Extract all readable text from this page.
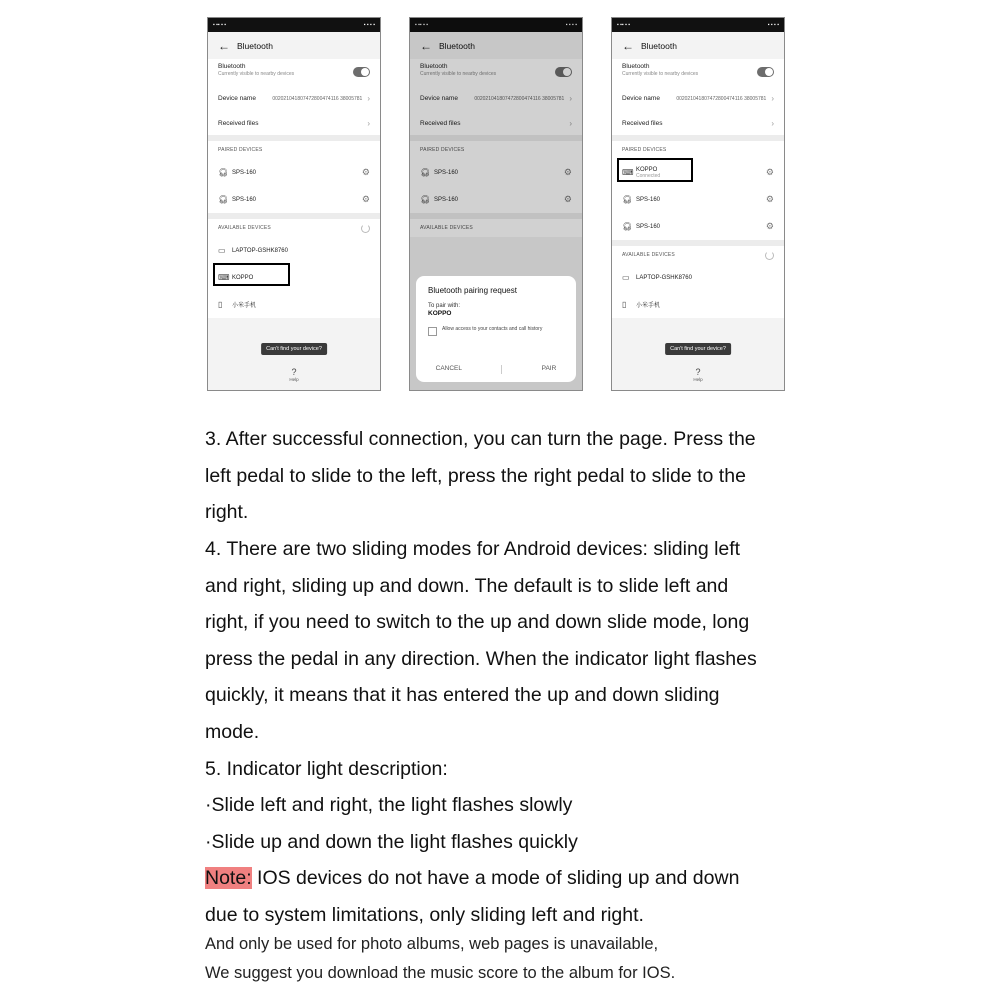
▪ ▪▪ ▪ ▪	▪ ▪ ▪ ▪
← Bluetooth
Bluetooth
Currently visible to nearby devices
Device name	002021041807472800474116 38005781 ›
Received files	›
PAIRED DEVICES
🎧︎ SPS-160	⚙
🎧︎ SPS-160	⚙
AVAILABLE DEVICES
▭	LAPTOP-GSHK8760
⌨ KOPPO
▯	小米手机
Can't find your device?
?
Help
▪ ▪▪ ▪ ▪	▪ ▪ ▪ ▪
← Bluetooth
Bluetooth
Currently visible to nearby devices
Device name	002021041807472800474116 38005781 ›
Received files	›
PAIRED DEVICES
🎧︎ SPS-160	⚙
🎧︎ SPS-160	⚙
AVAILABLE DEVICES
Bluetooth pairing request
To pair with:
KOPPO
Allow access to your contacts and call history
CANCEL	PAIR
▪ ▪▪ ▪ ▪	▪ ▪ ▪ ▪
← Bluetooth
Bluetooth
Currently visible to nearby devices
Device name	002021041807472800474116 38005781 ›
Received files	›
PAIRED DEVICES
⌨ KOPPO
Connected	⚙
🎧︎ SPS-160	⚙
🎧︎ SPS-160	⚙
AVAILABLE DEVICES
▭	LAPTOP-GSHK8760
▯	小米手机
Can't find your device?
?
Help
3. After successful connection, you can turn the page. Press the
left pedal to slide to the left, press the right pedal to slide to the
right.
4. There are two sliding modes for Android devices: sliding left
and right, sliding up and down. The default is to slide left and
right, if you need to switch to the up and down slide mode, long
press the pedal in any direction. When the indicator light flashes
quickly, it means that it has entered the up and down sliding
mode.
5. Indicator light description:
·Slide left and right, the light flashes slowly
·Slide up and down the light flashes quickly
Note: IOS devices do not have a mode of sliding up and down
due to system limitations, only sliding left and right.
And only be used for photo albums, web pages is unavailable,
We suggest you download the music score to the album for IOS.
